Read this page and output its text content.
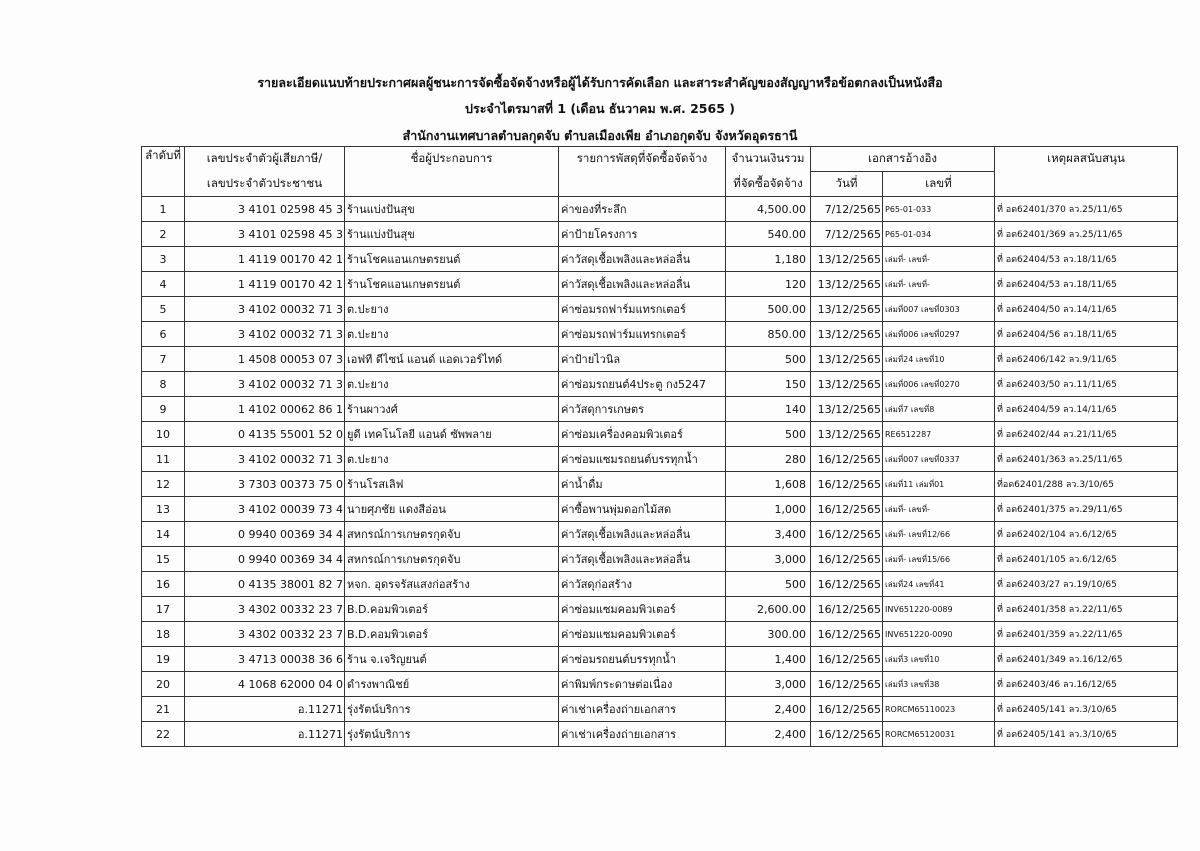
รายละเอียดแนบท้ายประกาศผลผู้ชนะการจัดซื้อจัดจ้างหรือผู้ได้รับการคัดเลือก และสาระสำคัญของสัญญาหรือข้อตกลงเป็นหนังสือ
ประจำไตรมาสที่ 1 (เดือน ธันวาคม พ.ศ. 2565 )
สำนักงานเทศบาลตำบลกุดจับ ตำบลเมืองเพีย อำเภอกุดจับ จังหวัดอุดรธานี
ลำดับที่	เลขประจำตัวผู้เสียภาษี/	ชื่อผู้ประกอบการ	รายการพัสดุที่จัดซื้อจัดจ้าง	จำนวนเงินรวม	เอกสารอ้างอิง		เหตุผลสนับสนุน
	เลขประจำตัวประชาชน			ที่จัดซื้อจัดจ้าง	วันที่	เลขที่	
1	3 4101 02598 45 3	ร้านแบ่งปันสุข	ค่าของที่ระลึก	4,500.00	7/12/2565	P65-01-033	ที่ อด62401/370 ลว.25/11/65
2	3 4101 02598 45 3	ร้านแบ่งปันสุข	ค่าป้ายโครงการ	540.00	7/12/2565	P65-01-034	ที่ อด62401/369 ลว.25/11/65
3	1 4119 00170 42 1	ร้านโชคแอนเกษตรยนต์	ค่าวัสดุเชื้อเพลิงและหล่อลื่น	1,180	13/12/2565	เล่มที่- เลขที่-	ที่ อด62404/53 ลว.18/11/65
4	1 4119 00170 42 1	ร้านโชคแอนเกษตรยนต์	ค่าวัสดุเชื้อเพลิงและหล่อลื่น	120	13/12/2565	เล่มที่- เลขที่-	ที่ อด62404/53 ลว.18/11/65
5	3 4102 00032 71 3	ต.ปะยาง	ค่าซ่อมรถฟาร์มแทรกเตอร์	500.00	13/12/2565	เล่มที่007 เลขที่0303	ที่ อด62404/50 ลว.14/11/65
6	3 4102 00032 71 3	ต.ปะยาง	ค่าซ่อมรถฟาร์มแทรกเตอร์	850.00	13/12/2565	เล่มที่006 เลขที่0297	ที่ อด62404/56 ลว.18/11/65
7	1 4508 00053 07 3	เอฟที ดีไซน์ แอนด์ แอดเวอร์ไทด์	ค่าป้ายไวนิล	500	13/12/2565	เล่มที่24 เลขที่10	ที่ อด62406/142 ลว.9/11/65
8	3 4102 00032 71 3	ต.ปะยาง	ค่าซ่อมรถยนต์4ประตู กง5247	150	13/12/2565	เล่มที่006 เลขที่0270	ที่ อด62403/50 ลว.11/11/65
9	1 4102 00062 86 1	ร้านผาวงศ์	ค่าวัสดุการเกษตร	140	13/12/2565	เล่มที่7 เลขที่8	ที่ อด62404/59 ลว.14/11/65
10	0 4135 55001 52 0	ยูดี เทคโนโลยี แอนด์ ซัพพลาย	ค่าซ่อมเครื่องคอมพิวเตอร์	500	13/12/2565	RE6512287	ที่ อด62402/44 ลว.21/11/65
11	3 4102 00032 71 3	ต.ปะยาง	ค่าซ่อมแซมรถยนต์บรรทุกน้ำ	280	16/12/2565	เล่มที่007 เลขที่0337	ที่ อด62401/363 ลว.25/11/65
12	3 7303 00373 75 0	ร้านโรสเลิฟ	ค่าน้ำดื่ม	1,608	16/12/2565	เล่มที่11 เล่มที่01	ที่อด62401/288 ลว.3/10/65
13	3 4102 00039 73 4	นายศุภชัย แดงสีอ่อน	ค่าซื้อพานพุ่มดอกไม้สด	1,000	16/12/2565	เล่มที่- เลขที่-	ที่ อด62401/375 ลว.29/11/65
14	0 9940 00369 34 4	สหกรณ์การเกษตรกุดจับ	ค่าวัสดุเชื้อเพลิงและหล่อลื่น	3,400	16/12/2565	เล่มที่- เลขที่12/66	ที่ อด62402/104 ลว.6/12/65
15	0 9940 00369 34 4	สหกรณ์การเกษตรกุดจับ	ค่าวัสดุเชื้อเพลิงและหล่อลื่น	3,000	16/12/2565	เล่มที่- เลขที่15/66	ที่ อด62401/105 ลว.6/12/65
16	0 4135 38001 82 7	หจก. อุดรจรัสแสงก่อสร้าง	ค่าวัสดุก่อสร้าง	500	16/12/2565	เล่มที่24 เลขที่41	ที่ อด62403/27 ลว.19/10/65
17	3 4302 00332 23 7	B.D.คอมพิวเตอร์	ค่าซ่อมแซมคอมพิวเตอร์	2,600.00	16/12/2565	INV651220-0089	ที่ อด62401/358 ลว.22/11/65
18	3 4302 00332 23 7	B.D.คอมพิวเตอร์	ค่าซ่อมแซมคอมพิวเตอร์	300.00	16/12/2565	INV651220-0090	ที่ อด62401/359 ลว.22/11/65
19	3 4713 00038 36 6	ร้าน จ.เจริญยนต์	ค่าซ่อมรถยนต์บรรทุกน้ำ	1,400	16/12/2565	เล่มที่3 เลขที่10	ที่ อด62401/349 ลว.16/12/65
20	4 1068 62000 04 0	ดำรงพาณิชย์	ค่าพิมพ์กระดาษต่อเนื่อง	3,000	16/12/2565	เล่มที่3 เลขที่38	ที่ อด62403/46 ลว.16/12/65
21	อ.11271	รุ่งรัตน์บริการ	ค่าเช่าเครื่องถ่ายเอกสาร	2,400	16/12/2565	RORCM65110023	ที่ อด62405/141 ลว.3/10/65
22	อ.11271	รุ่งรัตน์บริการ	ค่าเช่าเครื่องถ่ายเอกสาร	2,400	16/12/2565	RORCM65120031	ที่ อด62405/141 ลว.3/10/65
